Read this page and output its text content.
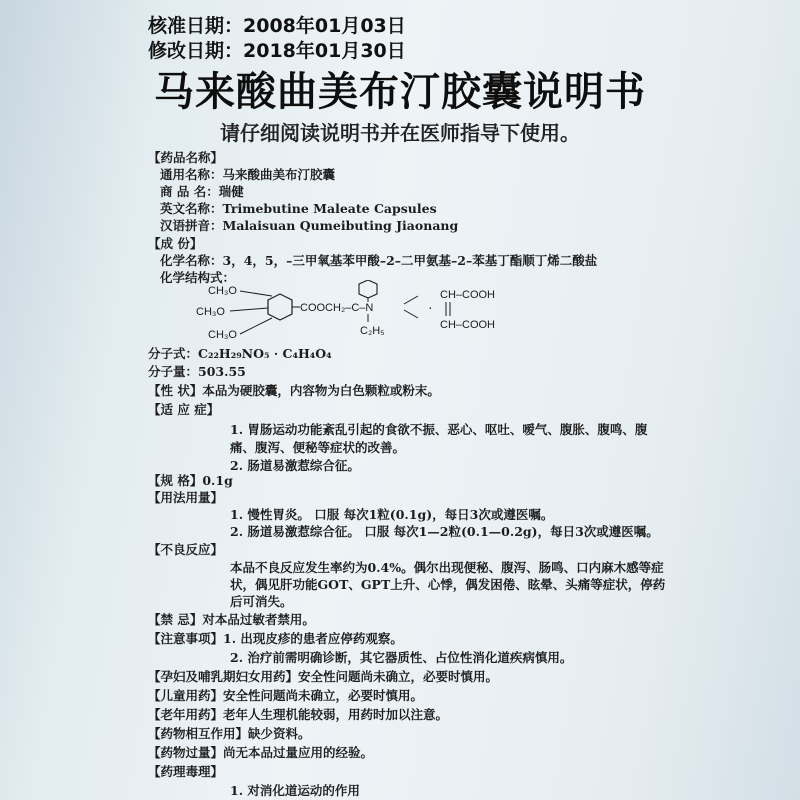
核准日期：2008年01月03日
修改日期：2018年01月30日
马来酸曲美布汀胶囊说明书
请仔细阅读说明书并在医师指导下使用。
【药品名称】
通用名称：马来酸曲美布汀胶囊
商 品 名：瑞健
英文名称：Trimebutine Maleate Capsules
汉语拼音：Malaisuan Qumeibuting Jiaonang
【成 份】
化学名称：3，4，5，–三甲氧基苯甲酸–2–二甲氨基–2–苯基丁酯顺丁烯二酸盐
化学结构式：
CH₃O
CH₃O
CH₃O
COOCH₂–C–N
C₂H₅
·
CH–COOH
CH–COOH
分子式：C₂₂H₂₉NO₅ · C₄H₄O₄
分子量：503.55
【性 状】本品为硬胶囊，内容物为白色颗粒或粉末。
【适 应 症】
1. 胃肠运动功能紊乱引起的食欲不振、恶心、呕吐、嗳气、腹胀、腹鸣、腹
痛、腹泻、便秘等症状的改善。
2. 肠道易激惹综合征。
【规 格】0.1g
【用法用量】
1. 慢性胃炎。 口服 每次1粒(0.1g)，每日3次或遵医嘱。
2. 肠道易激惹综合征。 口服 每次1—2粒(0.1—0.2g)，每日3次或遵医嘱。
【不良反应】
本品不良反应发生率约为0.4%。偶尔出现便秘、腹泻、肠鸣、口内麻木感等症
状，偶见肝功能GOT、GPT上升、心悸，偶发困倦、眩晕、头痛等症状，停药
后可消失。
【禁 忌】对本品过敏者禁用。
【注意事项】1. 出现皮疹的患者应停药观察。
2. 治疗前需明确诊断，其它器质性、占位性消化道疾病慎用。
【孕妇及哺乳期妇女用药】安全性问题尚未确立，必要时慎用。
【儿童用药】安全性问题尚未确立，必要时慎用。
【老年用药】老年人生理机能较弱，用药时加以注意。
【药物相互作用】缺少资料。
【药物过量】尚无本品过量应用的经验。
【药理毒理】
1. 对消化道运动的作用
